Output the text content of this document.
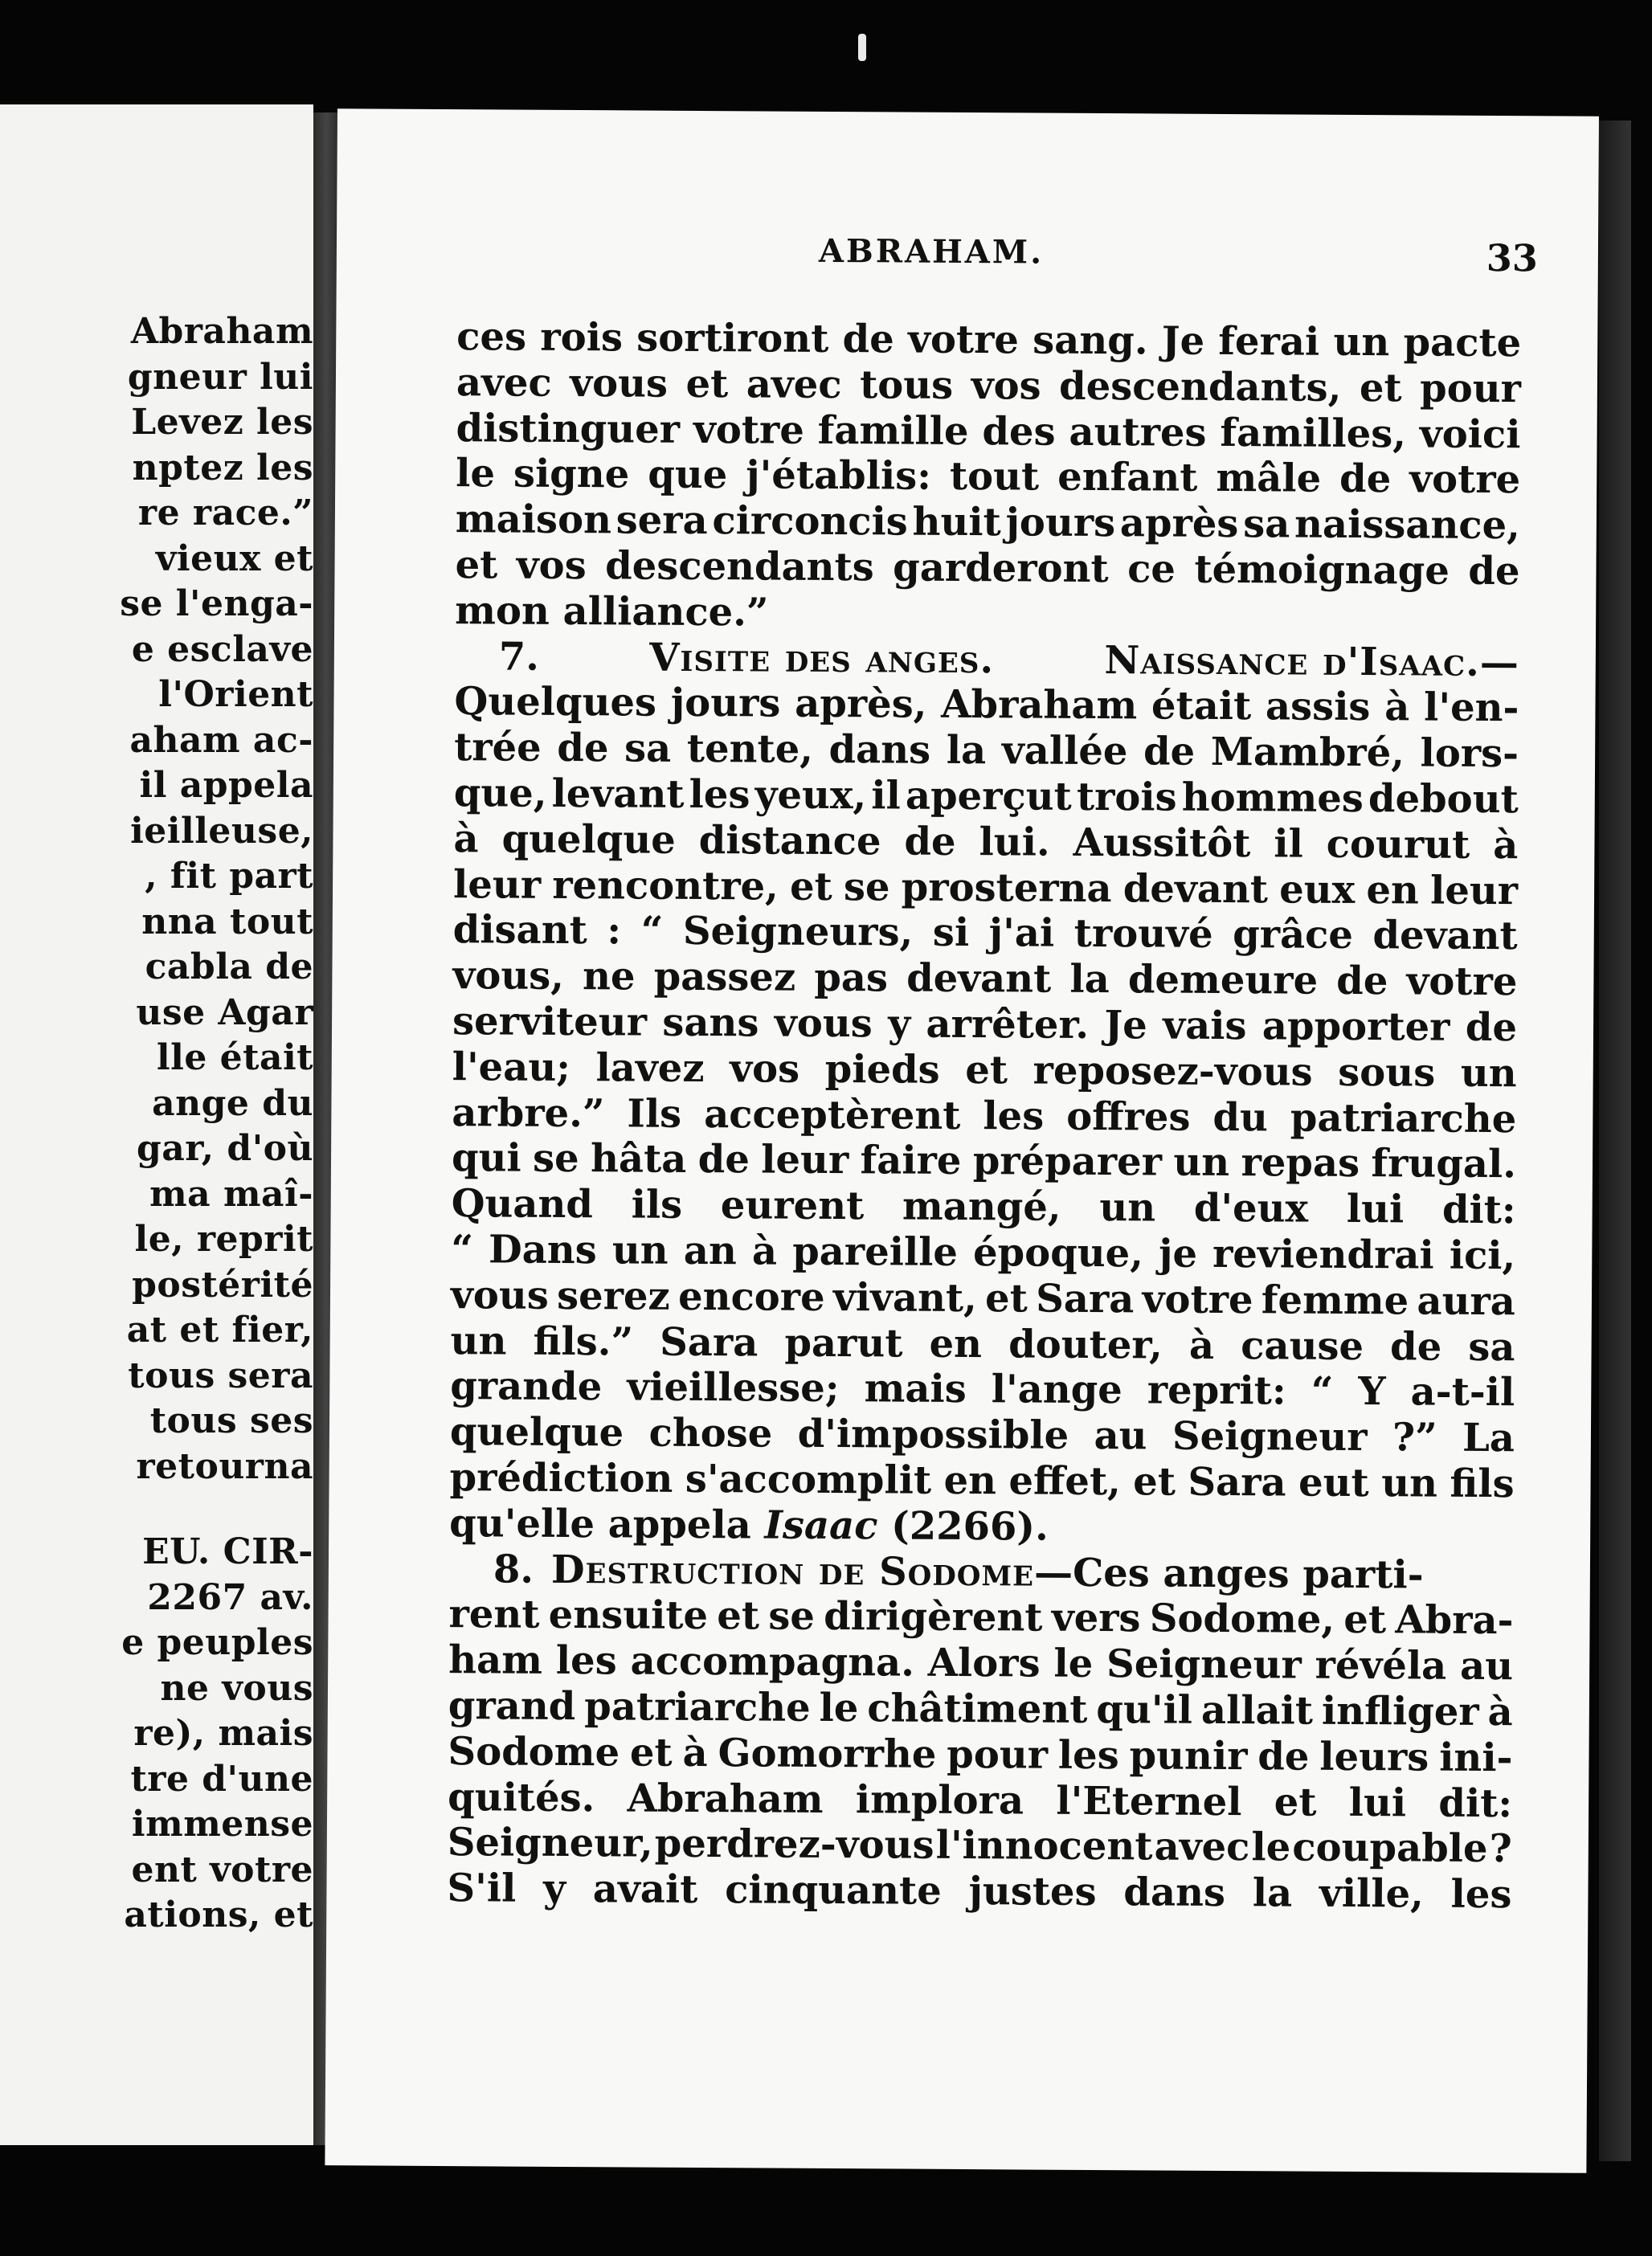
Abraham
gneur lui
Levez les
nptez les
re race.”
vieux et
se l'enga-
e esclave
l'Orient
aham ac-
il appela
ieilleuse,
, fit part
nna tout
cabla de
use Agar
lle était
ange du
gar, d'où
ma maî-
le, reprit
postérité
at et fier,
tous sera
tous ses
retourna
EU. CIR-
2267 av.
e peuples
ne vous
re), mais
tre d'une
immense
ent votre
ations, et
ABRAHAM.	33
ces rois sortiront de votre sang. Je ferai un pacte
avec vous et avec tous vos descendants, et pour
distinguer votre famille des autres familles, voici
le signe que j'établis: tout enfant mâle de votre
maison sera circoncis huit jours après sa naissance,
et vos descendants garderont ce témoignage de
mon alliance.”
7.	Visite des anges.	Naissance d'Isaac.—
Quelques jours après, Abraham était assis à l'en-
trée de sa tente, dans la vallée de Mambré, lors-
que, levant les yeux, il aperçut trois hommes debout
à quelque distance de lui. Aussitôt il courut à
leur rencontre, et se prosterna devant eux en leur
disant : “ Seigneurs, si j'ai trouvé grâce devant
vous, ne passez pas devant la demeure de votre
serviteur sans vous y arrêter. Je vais apporter de
l'eau; lavez vos pieds et reposez-vous sous un
arbre.” Ils acceptèrent les offres du patriarche
qui se hâta de leur faire préparer un repas frugal.
Quand ils eurent mangé, un d'eux lui dit:
“ Dans un an à pareille époque, je reviendrai ici,
vous serez encore vivant, et Sara votre femme aura
un fils.” Sara parut en douter, à cause de sa
grande vieillesse; mais l'ange reprit: “ Y a-t-il
quelque chose d'impossible au Seigneur ?” La
prédiction s'accomplit en effet, et Sara eut un fils
qu'elle appela Isaac (2266).
8. Destruction de Sodome —Ces anges parti-
rent ensuite et se dirigèrent vers Sodome, et Abra-
ham les accompagna. Alors le Seigneur révéla au
grand patriarche le châtiment qu'il allait infliger à
Sodome et à Gomorrhe pour les punir de leurs ini-
quités. Abraham implora l'Eternel et lui dit:
Seigneur, perdrez-vous l'innocent avec le coupable ?
S'il y avait cinquante justes dans la ville, les
